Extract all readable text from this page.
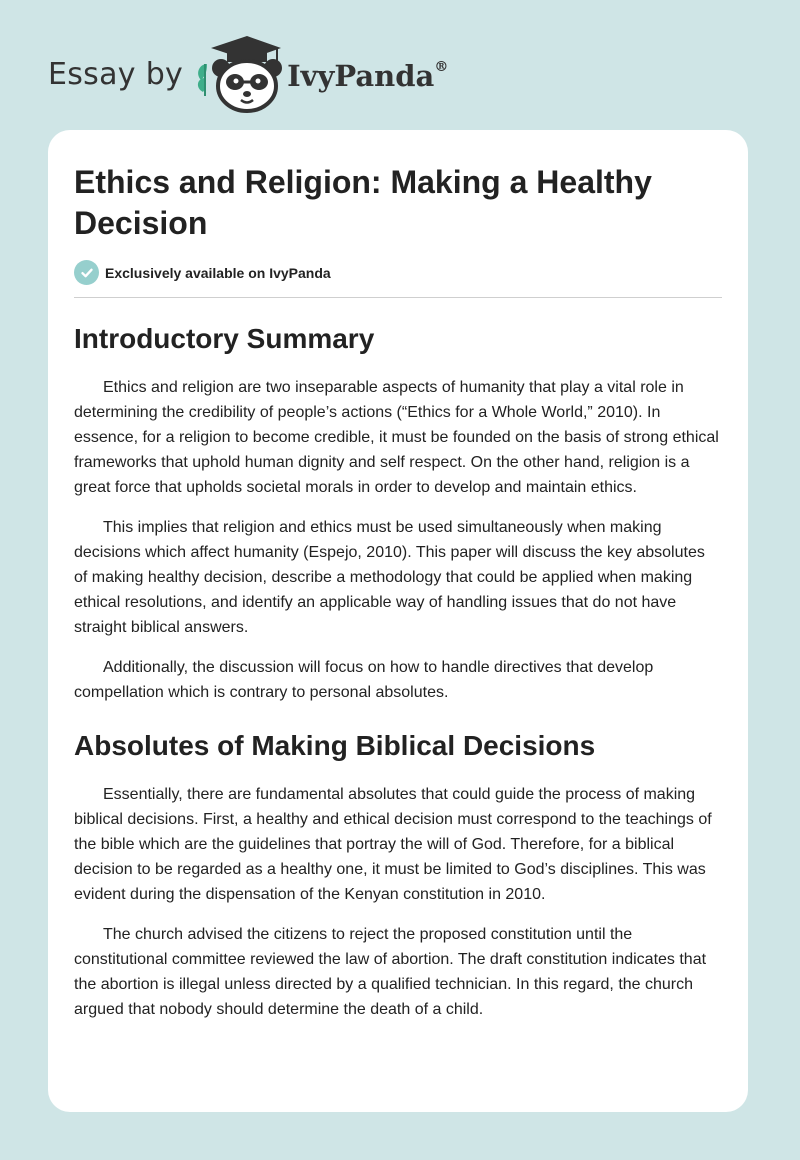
Essay by	IvyPanda®
Ethics and Religion: Making a Healthy Decision
Exclusively available on IvyPanda
Introductory Summary

Ethics and religion are two inseparable aspects of humanity that play a vital role in determining the credibility of people’s actions (“Ethics for a Whole World,” 2010). In essence, for a religion to become credible, it must be founded on the basis of strong ethical frameworks that uphold human dignity and self respect. On the other hand, religion is a great force that upholds societal morals in order to develop and maintain ethics.

This implies that religion and ethics must be used simultaneously when making decisions which affect humanity (Espejo, 2010). This paper will discuss the key absolutes of making healthy decision, describe a methodology that could be applied when making ethical resolutions, and identify an applicable way of handling issues that do not have straight biblical answers.

Additionally, the discussion will focus on how to handle directives that develop compellation which is contrary to personal absolutes.

Absolutes of Making Biblical Decisions

Essentially, there are fundamental absolutes that could guide the process of making biblical decisions. First, a healthy and ethical decision must correspond to the teachings of the bible which are the guidelines that portray the will of God. Therefore, for a biblical decision to be regarded as a healthy one, it must be limited to God’s disciplines. This was evident during the dispensation of the Kenyan constitution in 2010.

The church advised the citizens to reject the proposed constitution until the constitutional committee reviewed the law of abortion. The draft constitution indicates that the abortion is illegal unless directed by a qualified technician. In this regard, the church argued that nobody should determine the death of a child.
